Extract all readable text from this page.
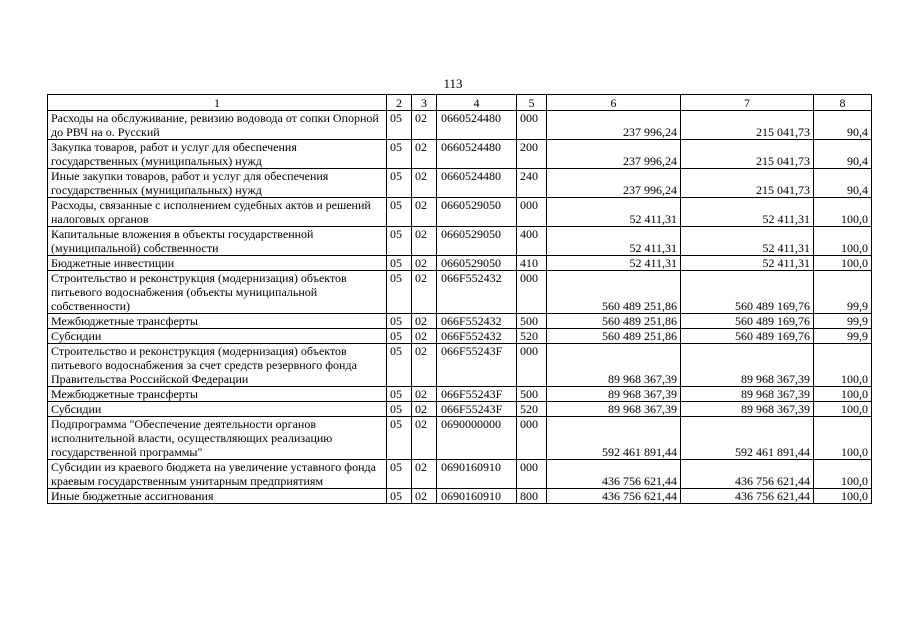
113
1	2	3	4	5	6	7	8
Расходы на обслуживание, ревизию водовода от сопки Опорной до РВЧ на о. Русский	05	02	0660524480	000	237 996,24	215 041,73	90,4
Закупка товаров, работ и услуг для обеспечения государственных (муниципальных) нужд	05	02	0660524480	200	237 996,24	215 041,73	90,4
Иные закупки товаров, работ и услуг для обеспечения государственных (муниципальных) нужд	05	02	0660524480	240	237 996,24	215 041,73	90,4
Расходы, связанные с исполнением судебных актов и решений налоговых органов	05	02	0660529050	000	52 411,31	52 411,31	100,0
Капитальные вложения в объекты государственной (муниципальной) собственности	05	02	0660529050	400	52 411,31	52 411,31	100,0
Бюджетные инвестиции	05	02	0660529050	410	52 411,31	52 411,31	100,0
Строительство и реконструкция (модернизация) объектов питьевого водоснабжения (объекты муниципальной собственности)	05	02	066F552432	000	560 489 251,86	560 489 169,76	99,9
Межбюджетные трансферты	05	02	066F552432	500	560 489 251,86	560 489 169,76	99,9
Субсидии	05	02	066F552432	520	560 489 251,86	560 489 169,76	99,9
Строительство и реконструкция (модернизация) объектов питьевого водоснабжения за счет средств резервного фонда Правительства Российской Федерации	05	02	066F55243F	000	89 968 367,39	89 968 367,39	100,0
Межбюджетные трансферты	05	02	066F55243F	500	89 968 367,39	89 968 367,39	100,0
Субсидии	05	02	066F55243F	520	89 968 367,39	89 968 367,39	100,0
Подпрограмма "Обеспечение деятельности органов исполнительной власти, осуществляющих реализацию государственной программы"	05	02	0690000000	000	592 461 891,44	592 461 891,44	100,0
Субсидии из краевого бюджета на увеличение уставного фонда краевым государственным унитарным предприятиям	05	02	0690160910	000	436 756 621,44	436 756 621,44	100,0
Иные бюджетные ассигнования	05	02	0690160910	800	436 756 621,44	436 756 621,44	100,0
